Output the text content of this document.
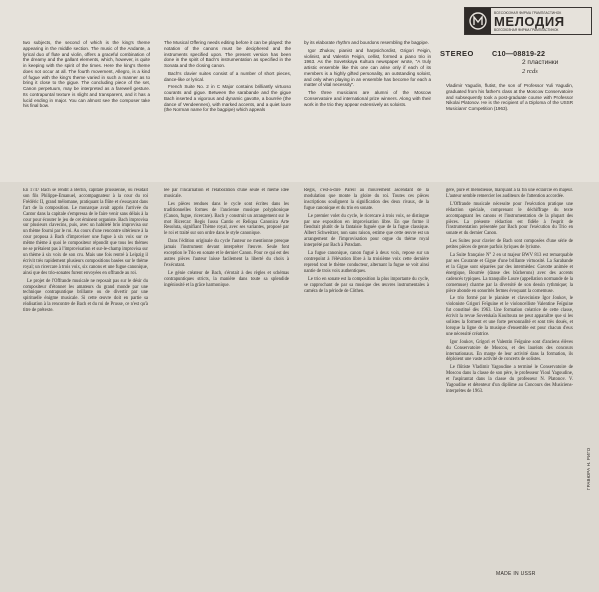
two subjects, the second of which is the king's theme appearing in the middle section. The music of the Andante, a lyrical duo of flute and violin, offers a graceful combination of the dreamy and the gallant elements, which, however, is quite in keeping with the spirit of the times. Here the king's theme does not occur at all. The fourth movement, Allegro, is a kind of fugue with the king's theme varied in such a manner as to bring it close to the gigue. The concluding piece of the set, Canon perpetuum, may be interpreted as a farewell gesture. Its contrapuntal texture is slight and transparent, and it has a lucid ending in major. You can almost see the composer take his final bow.

The Musical Offering needs editing before it can be played: the notation of the canons must be deciphered and the instruments specified upon. The present version has been done in the spirit of Bach's instrumentation as specified in the Sonata and the closing canon.

Bach's clavier suites consist of a number of short pieces, dance-like or lyrical.

French Suite No. 2 in C Major contains brilliantly virtuoso courants and gigue. Between the sarabande and the gigue Bach inserted a vigorous and dynamic gavotte, a bourrée (the dance of Vendeennes), with marked accents, and a quiet loure (the Norman name for the bagpipe) which appeals

by its elaborate rhythm and bourdons resembling the bagpipe.

Igor Zhukov, pianist and harpsichordist, Grigori Feigin, violinist, and Valentin Feigin, cellist, formed a piano trio in 1963. As the Sovetskaya Kultura newspaper wrote, "A truly artistic ensemble like this one can arise only if each of its members is a highly gifted personality, an outstanding soloist, and only when playing in an ensemble has become for each a matter of vital necessity".

The three musicians are alumni of the Moscow Conservatoire and international prize winners. Along with their work in the trio they appear extensively as soloists.

Vladimir Yagudin, flutist, the son of Professor Yuli Yagudin, graduated from his father's class at the Moscow Conservatoire and subsequently took a post-graduate course with Professor Nikolai Platonov. He is the recipient of a Diploma of the USSR Musicians' Competition (1963).

ВСЕСОЮЗНАЯ ФИРМА ГРАМПЛАСТИНОК
МЕЛОДИЯ
ВСЕСОЮЗНАЯ ФИРМА ГРАМПЛАСТИНОК
STEREO	С10—08819-22
2 пластинки
2 rcds

En 1747 Bach se rendit à Berlin, capitale prussienne, où résidait son fils Philippe-Emanuel, accompagnateur à la cour du roi Frédéric II, grand mélomane, pratiquant la flûte et s'essayant dans l'art de la composition. Le monarque avait appris l'arrivée du Cantor dans la capitale s'empressa de le faire venir sans délais à la cour pour écouter le jeu de cet éminent organiste. Bach improvisa sur plusieurs clavecins, puis, avec un habileté brio improvisa sur un thème fourni par le roi. Au cours d'une rencontre ultérieure à la cour proposa à Bach d'improviser une fugue à six voix sur ce même thème à quoi le compositeur répondit que tous les thèmes ne se prêtaient pas à l'improvisation et sur-le-champ improvisa sur un thème à six voix de son cru. Mais une fois rentré à Leipzig il écrivit très rapidement plusieurs compositions basées sur le thème royal; un ricercare à trois voix, six canons et une fugue canonique, ainsi que des trio-sonates furent envoyées en offrande au roi.

Le projet de l'Offrande musicale ne reposait pas sur le désir du compositeur d'étonner les amateurs du grand monde par une technique contrapuntique brillante ou de divertir par une spirituelle énigme musicale. Si cette œuvre doit en partie sa réalisation à la rencontre de Bach et du roi de Prusse, ce n'est qu'à titre de prétexte.

lée par l'incarnation et l'élaboration d'une seule et même idée musicale.

Les pièces rendues dans le cycle sont écrites dans les traditionnelles formes de l'ancienne musique polyphonique (Canon, fugue, ricercare). Bach y construit un arrangement sur le mot Ricercar: Regis Iussu Cantio et Reliqua Canonica Arte Resoluta, signifiant Thème royal, avec ses variantes, proposé par le roi et traité sur son ordre dans le style canonique.

Dans l'édition originale du cycle l'auteur ne mentionne presque jamais l'instrument devant interpréter l'œuvre. Seule font exception le Trio en sonate et le dernier Canon. Pour ce qui est des autres pièces l'auteur laisse facilement la liberté du choix à l'exécutant.

Le génie créateur de Bach, s'érotait à des règles et schémas contrapuntiques stricts, la manière dans toute sa splendide ingéniosité et la grâce harmonique.

Regis, c'est-à-dire Pareil au mouvement ascendant de la modulation que monte la gloire du roi. Toutes ces pièces inscriptions soulignent la signification des deux rivaux, de la fugue canonique et du trio en sonate.

Le premier volet du cycle, le ricercare à trois voix, se distingue par une exposition en improvisation libre. En que forme il fiendrait plutôt de la fantaisie fuguée que de la fugue classique. Albert Schweitzer, non sans raison, estime que cette œuvre est un arrangement de l'improvisation pour orgue du thème royal interprété par Bach à Potsdam.

La fugue canonique, canon fugué à deux voix, repose sur un contrepoint à l'élévation libre à la troisième voix cette dernière reprend tout le thème conducteur, alternant la fugue se voit ainsi nantie de trois voix authentiques.

Le trio en sonate est la composition la plus importante du cycle, se rapprochant de par sa musique des œuvres instrumentales à caméra de la période de Côthen.

gère, pure et mélodieuse, marquant à la fin une éclaircie en majeur. L'auteur semble remercier les auditeurs de l'attention accordée.

L'Offrande musicale nécessite pour l'exécution pratique une rédaction spéciale, comprenant le déchiffrage du texte accompagnant les canons et l'instrumentation de la plupart des pièces. La présente rédaction est fidèle à l'esprit de l'instrumentation présentée par Bach pour l'exécution du Trio en sonate et du dernier Canon.

Les Suites pour clavier de Bach sont composées d'une série de petites pièces de genre parfois lyriques de lyrisme.

La Suite française N° 2 en ut majeur BWV 813 est remarquable par ses Courante et Gigue d'une brillante virtuosité. La Sarabande et la Gigue sont séparées par des intermèdes: Gavotte animée et énergique, Bourrée (danse des bûcherons) avec des accents cadencés typiques. La tranquille Loure (appellation normande de la cornemuse) charme par la diversité de son dessin rythmique; la pièce abonde en sonorités fermes évoquant la cornemuse.

Le trio formé par le pianiste et claveciniste Igor Joukov, le violoniste Grigori Feïguine et le violoncelliste Valentine Feïguine fut constitué dès 1963. Une formation créatrice de cette classe, écrivit la revue Sovetskaïa Koultoura ne peut apparaître que si les solistes la forment et une forte personnalité et sont très doués, et lorsque la ligne de la musique d'ensemble est pour chacun d'eux une nécessité créatrice.

Igor Joukov, Grigori et Valentin Feïguine sont d'anciens élèves du Conservatoire de Moscou, et des lauréats des concours internationaux. En marge de leur activité dans la formation, ils déploient une vaste activité de concerts de solistes.

Le flûtiste Vladimir Yagoudine a terminé le Conservatoire de Moscou dans la classe de son père, le professeur Yioul Yagoudine, et l'aspirantat dans la classe du professeur N. Platonov. V. Yagoudine et détenteur d'un diplôme au Concours des Musiciens-interprètes de 1963.

MADE IN USSR
ГРАВЮРА Н. РИГО
